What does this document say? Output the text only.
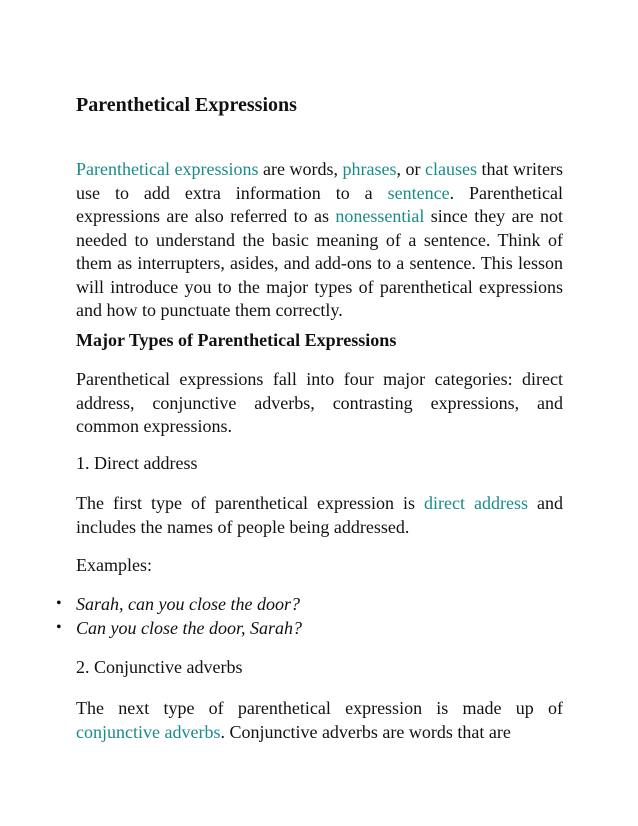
Parenthetical Expressions

Parenthetical expressions are words, phrases, or clauses that writers use to add extra information to a sentence. Parenthetical expressions are also referred to as nonessential since they are not needed to understand the basic meaning of a sentence. Think of them as interrupters, asides, and add-ons to a sentence. This lesson will introduce you to the major types of parenthetical expressions and how to punctuate them correctly.

Major Types of Parenthetical Expressions

Parenthetical expressions fall into four major categories: direct address, conjunctive adverbs, contrasting expressions, and common expressions.

1. Direct address

The first type of parenthetical expression is direct address and includes the names of people being addressed.

Examples:

• Sarah, can you close the door?
• Can you close the door, Sarah?

2. Conjunctive adverbs

The next type of parenthetical expression is made up of conjunctive adverbs. Conjunctive adverbs are words that are
